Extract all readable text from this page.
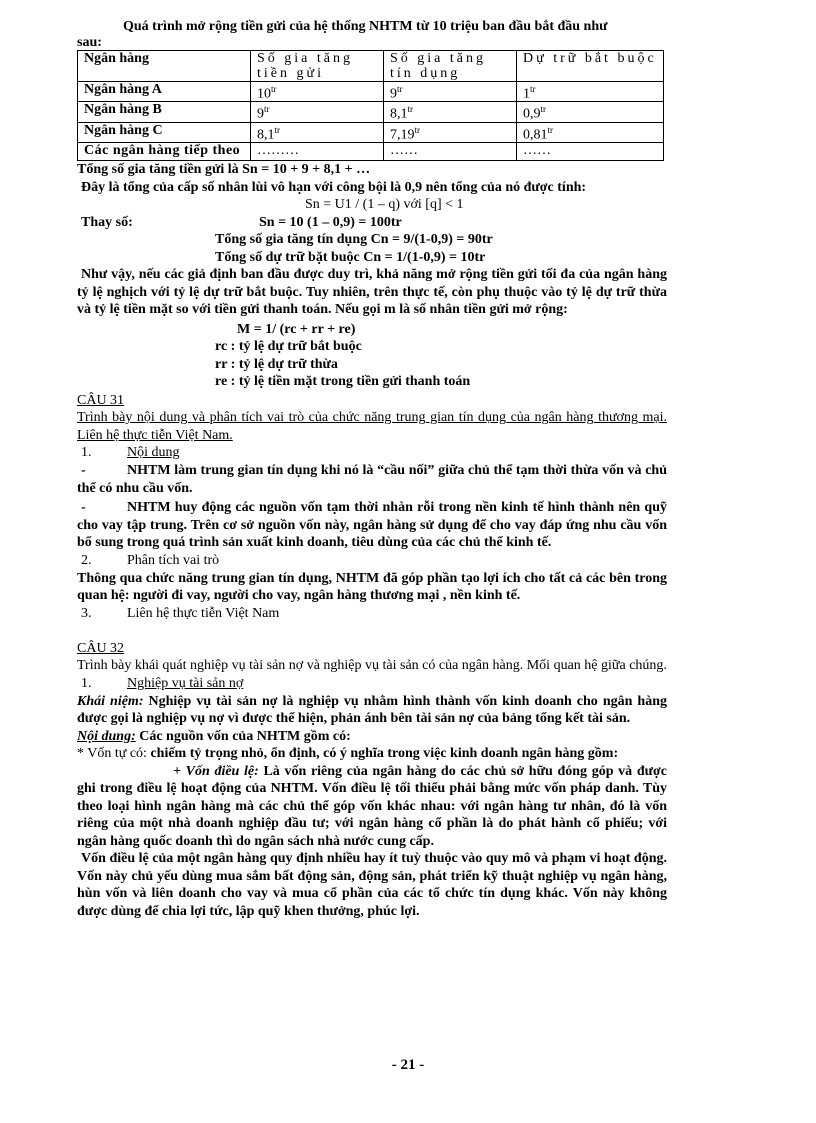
Quá trình mở rộng tiền gửi của hệ thống NHTM từ 10 triệu ban đầu bắt đầu như

sau:

Ngân hàng	Số gia tăng tiền gửi	Số gia tăng tín dụng	Dự trữ bắt buộc
Ngân hàng A	$10^{tr}$	$9^{tr}$	$1^{tr}$
Ngân hàng B	$9^{tr}$	$8,1^{tr}$	$0,9^{tr}$
Ngân hàng C	$8,1^{tr}$	$7,19^{tr}$	$0,81^{tr}$
Các ngân hàng tiếp theo	………	……	……

Tổng số gia tăng tiền gửi là Sn = 10 + 9 + 8,1 + …

Đây là tổng của cấp số nhân lùi vô hạn với công bội là 0,9 nên tổng của nó được tính:

Sn = U1 / (1 – q) với [q] < 1

Thay số:	Sn = 10 (1 – 0,9) = 100tr

Tổng số gia tăng tín dụng Cn = 9/(1-0,9) = 90tr

Tổng số dự trữ bặt buộc Cn = 1/(1-0,9) = 10tr

Như vậy, nếu các giả định ban đầu được duy trì, khả năng mở rộng tiền gửi tối đa của ngân hàng tỷ lệ nghịch với tỷ lệ dự trữ bắt buộc. Tuy nhiên, trên thực tế, còn phụ thuộc vào tỷ lệ dự trữ thừa và tỷ lệ tiền mặt so với tiền gửi thanh toán. Nếu gọi m là số nhân tiền gửi mở rộng:

M = 1/ (rc + rr + re)

rc : tỷ lệ dự trữ bắt buộc

rr : tỷ lệ dự trữ thừa

re : tỷ lệ tiền mặt trong tiền gửi thanh toán

CÂU 31

Trình bày nội dung và phân tích vai trò của chức năng trung gian tín dụng của ngân hàng thương mại. Liên hệ thực tiễn Việt Nam.

1.	Nội dung

-	NHTM làm trung gian tín dụng khi nó là “cầu nối” giữa chủ thể tạm thời thừa vốn và chủ thể có nhu cầu vốn.

-	NHTM huy động các nguồn vốn tạm thời nhàn rỗi trong nền kinh tế hình thành nên quỹ cho vay tập trung. Trên cơ sở nguồn vốn này, ngân hàng sử dụng để cho vay đáp ứng nhu cầu vốn bổ sung trong quá trình sản xuất kinh doanh, tiêu dùng của các chủ thể kinh tế.

2.	Phân tích vai trò

Thông qua chức năng trung gian tín dụng, NHTM đã góp phần tạo lợi ích cho tất cả các bên trong quan hệ: người đi vay, người cho vay, ngân hàng thương mại , nền kinh tế.

3.	Liên hệ thực tiễn Việt Nam

CÂU 32

Trình bày khái quát nghiệp vụ tài sản nợ và nghiệp vụ tài sản có của ngân hàng. Mối quan hệ giữa chúng.

1.	Nghiệp vụ tài sản nợ

Khái niệm: Nghiệp vụ tài sản nợ là nghiệp vụ nhằm hình thành vốn kinh doanh cho ngân hàng được gọi là nghiệp vụ nợ vì được thể hiện, phản ánh bên tài sản nợ của bảng tổng kết tài sản.

Nội dung: Các nguồn vốn của NHTM gồm có:

* Vốn tự có: chiếm tỷ trọng nhỏ, ổn định, có ý nghĩa trong việc kinh doanh ngân hàng gồm:

+ Vốn điều lệ: Là vốn riêng của ngân hàng do các chủ sở hữu đóng góp và được ghi trong điều lệ hoạt động của NHTM. Vốn điều lệ tối thiểu phải bằng mức vốn pháp danh. Tùy theo loại hình ngân hàng mà các chủ thể góp vốn khác nhau: với ngân hàng tư nhân, đó là vốn riêng của một nhà doanh nghiệp đầu tư; với ngân hàng cổ phần là do phát hành cổ phiếu; với ngân hàng quốc doanh thì do ngân sách nhà nước cung cấp.

Vốn điều lệ của một ngân hàng quy định nhiều hay ít tuỳ thuộc vào quy mô và phạm vi hoạt động. Vốn này chủ yếu dùng mua sắm bất động sản, động sản, phát triển kỹ thuật nghiệp vụ ngân hàng, hùn vốn và liên doanh cho vay và mua cổ phần của các tổ chức tín dụng khác. Vốn này không được dùng để chia lợi tức, lập quỹ khen thưởng, phúc lợi.

- 21 -
